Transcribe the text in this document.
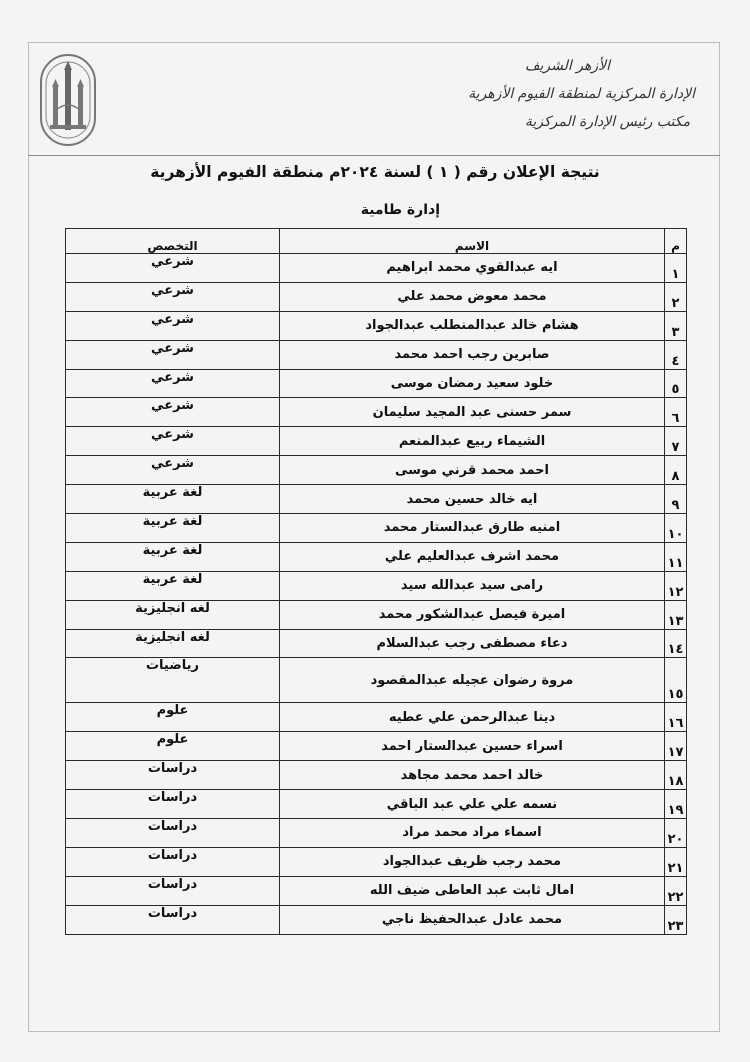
الأزهر الشريف
الإدارة المركزية لمنطقة الفيوم الأزهرية
مكتب رئيس الإدارة المركزية
نتيجة الإعلان رقم ( ١ ) لسنة ٢٠٢٤م منطقة الفيوم الأزهرية
إدارة طامية
م	الاسم	التخصص
١	ايه عبدالقوي محمد ابراهيم	شرعي
٢	محمد معوض محمد علي	شرعي
٣	هشام خالد عبدالمنطلب عبدالجواد	شرعي
٤	صابرين رجب احمد محمد	شرعي
٥	خلود سعيد رمضان موسى	شرعي
٦	سمر حسنى عبد المجيد سليمان	شرعي
٧	الشيماء ربيع عبدالمنعم	شرعي
٨	احمد محمد قرني موسى	شرعي
٩	ايه خالد حسين محمد	لغة عربية
١٠	امنيه طارق عبدالستار محمد	لغة عربية
١١	محمد اشرف عبدالعليم علي	لغة عربية
١٢	رامى سيد عبدالله سيد	لغة عربية
١٣	اميرة فيصل عبدالشكور محمد	لغه انجليزية
١٤	دعاء مصطفى رجب عبدالسلام	لغه انجليزية
١٥	مروة رضوان عجيله عبدالمقصود	رياضيات
١٦	دينا عبدالرحمن علي عطيه	علوم
١٧	اسراء حسين عبدالستار احمد	علوم
١٨	خالد احمد محمد مجاهد	دراسات
١٩	نسمه علي علي عبد الباقي	دراسات
٢٠	اسماء مراد محمد مراد	دراسات
٢١	محمد رجب ظريف عبدالجواد	دراسات
٢٢	امال ثابت عبد العاطى ضيف الله	دراسات
٢٣	محمد عادل عبدالحفيظ ناجي	دراسات
